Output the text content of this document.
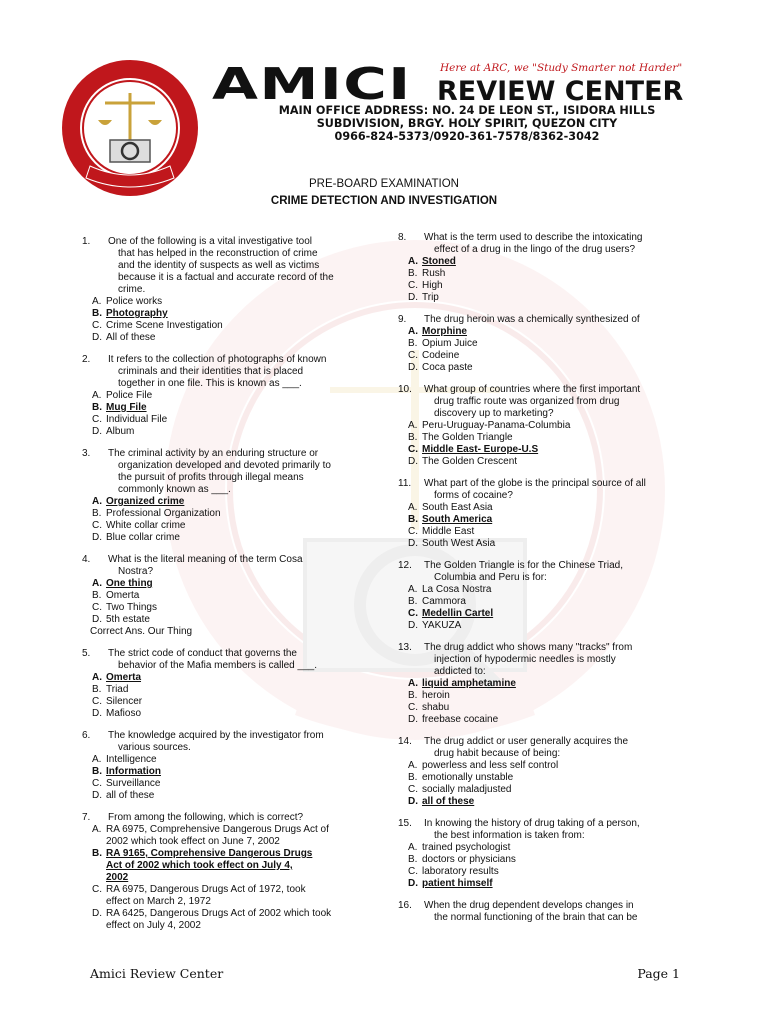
AMICI REVIEW CENTER
Here at ARC, we "Study Smarter not Harder"
MAIN OFFICE ADDRESS: NO. 24 DE LEON ST., ISIDORA HILLS
SUBDIVISION, BRGY. HOLY SPIRIT, QUEZON CITY
0966-824-5373/0920-361-7578/8362-3042
PRE-BOARD EXAMINATION
CRIME DETECTION AND INVESTIGATION
1.	One of the following is a vital investigative tool
that has helped in the reconstruction of crime
and the identity of suspects as well as victims
because it is a factual and accurate record of the
crime.
A. Police works
B. Photography
C. Crime Scene Investigation
D. All of these
2.	It refers to the collection of photographs of known
criminals and their identities that is placed
together in one file. This is known as ___.
A. Police File
B. Mug File
C. Individual File
D. Album
3.	The criminal activity by an enduring structure or
organization developed and devoted primarily to
the pursuit of profits through illegal means
commonly known as ___.
A. Organized crime
B. Professional Organization
C. White collar crime
D. Blue collar crime
4.	What is the literal meaning of the term Cosa
Nostra?
A. One thing
B. Omerta
C. Two Things
D. 5th estate
Correct Ans. Our Thing
5.	The strict code of conduct that governs the
behavior of the Mafia members is called ___.
A. Omerta
B. Triad
C. Silencer
D. Mafioso
6.	The knowledge acquired by the investigator from
various sources.
A. Intelligence
B. Information
C. Surveillance
D. all of these
7.	From among the following, which is correct?
A. RA 6975, Comprehensive Dangerous Drugs Act of
2002 which took effect on June 7, 2002
B. RA 9165, Comprehensive Dangerous Drugs
Act of 2002 which took effect on July 4,
2002
C. RA 6975, Dangerous Drugs Act of 1972, took
effect on March 2, 1972
D. RA 6425, Dangerous Drugs Act of 2002 which took
effect on July 4, 2002
8.	What is the term used to describe the intoxicating
effect of a drug in the lingo of the drug users?
A. Stoned
B. Rush
C. High
D. Trip
9.	The drug heroin was a chemically synthesized of
A. Morphine
B. Opium Juice
C. Codeine
D. Coca paste
10.	What group of countries where the first important
drug traffic route was organized from drug
discovery up to marketing?
A. Peru-Uruguay-Panama-Columbia
B. The Golden Triangle
C. Middle East- Europe-U.S
D. The Golden Crescent
11.	What part of the globe is the principal source of all
forms of cocaine?
A. South East Asia
B. South America
C. Middle East
D. South West Asia
12.	The Golden Triangle is for the Chinese Triad,
Columbia and Peru is for:
A. La Cosa Nostra
B. Cammora
C. Medellin Cartel
D. YAKUZA
13.	The drug addict who shows many "tracks" from
injection of hypodermic needles is mostly
addicted to:
A. liquid amphetamine
B. heroin
C. shabu
D. freebase cocaine
14.	The drug addict or user generally acquires the
drug habit because of being:
A. powerless and less self control
B. emotionally unstable
C. socially maladjusted
D. all of these
15.	In knowing the history of drug taking of a person,
the best information is taken from:
A. trained psychologist
B. doctors or physicians
C. laboratory results
D. patient himself
16.	When the drug dependent develops changes in
the normal functioning of the brain that can be
Amici Review Center	Page 1
